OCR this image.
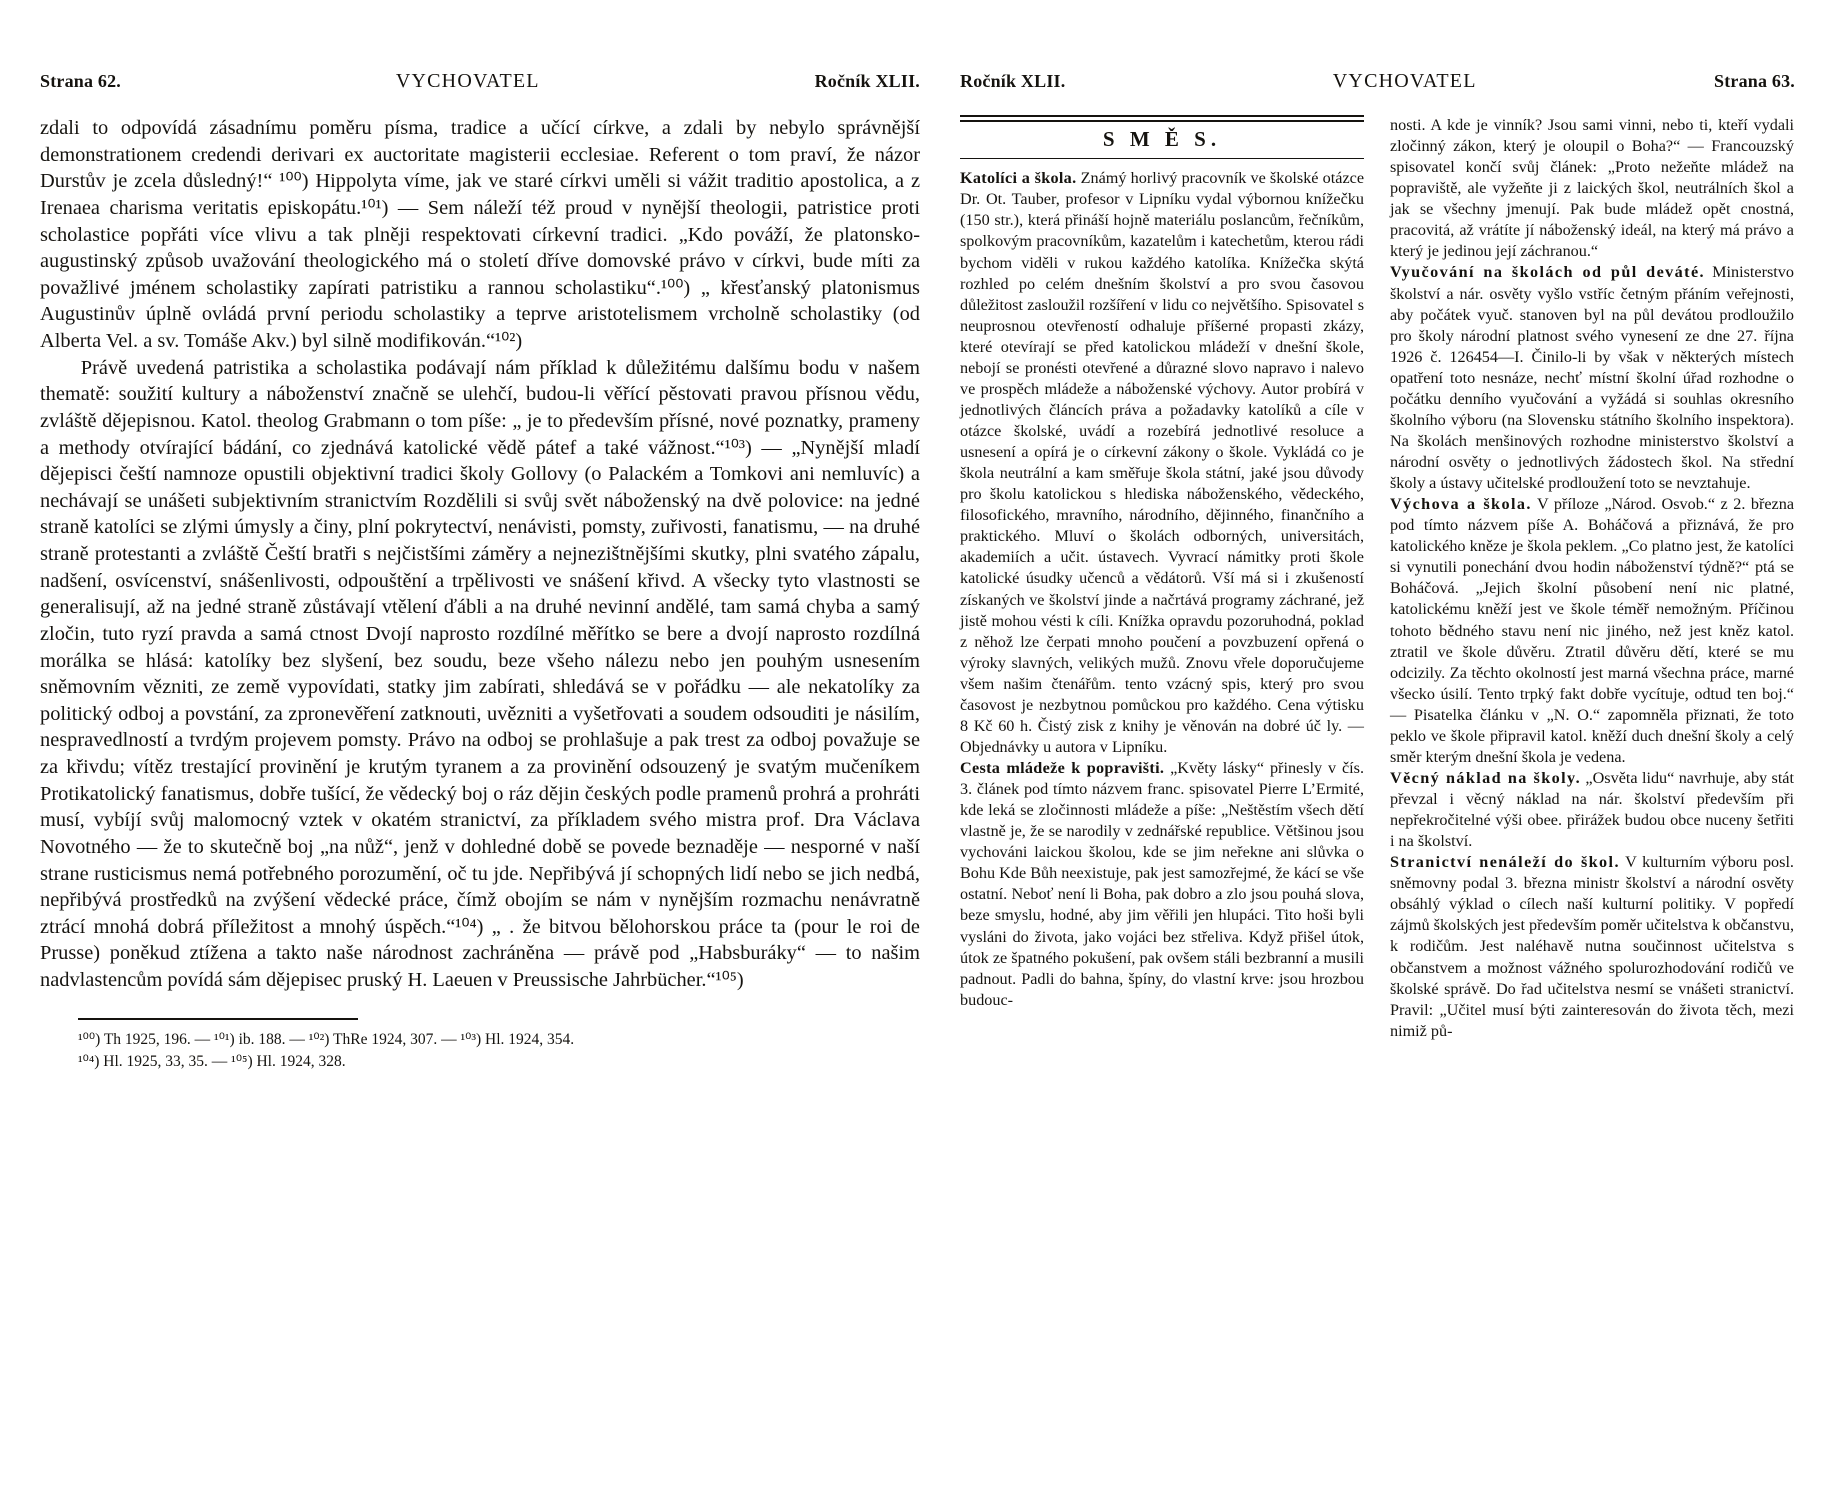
Strana 62.	VYCHOVATEL	Ročník XLII.

zdali to odpovídá zásadnímu poměru písma, tradice a učící církve, a zdali by nebylo správnější demonstrationem credendi derivari ex auctoritate magisterii ecclesiae. Referent o tom praví, že názor Durstův je zcela důsledný!“ ¹⁰⁰) Hippolyta víme, jak ve staré církvi uměli si vážit traditio apostolica, a z Irenaea charisma veritatis episkopátu.¹⁰¹) — Sem náleží též proud v nynější theologii, patristice proti scholastice popřáti více vlivu a tak plněji respektovati církevní tradici. „Kdo pováží, že platonsko-augustinský způsob uvažování theologického má o století dříve domovské právo v církvi, bude míti za považlivé jménem scholastiky zapírati patristiku a rannou scholastiku“.¹⁰⁰) „ křesťanský platonismus Augustinův úplně ovládá první periodu scholastiky a teprve aristotelismem vrcholně scholastiky (od Alberta Vel. a sv. Tomáše Akv.) byl silně modifikován.“¹⁰²)

Právě uvedená patristika a scholastika podávají nám příklad k důležitému dalšímu bodu v našem thematě: soužití kultury a náboženství značně se ulehčí, budou-li věřící pěstovati pravou přísnou vědu, zvláště dějepisnou. Katol. theolog Grabmann o tom píše: „ je to především přísné, nové poznatky, prameny a methody otvírající bádání, co zjednává katolické vědě pátef a také vážnost.“¹⁰³) — „Nynější mladí dějepisci čeští namnoze opustili objektivní tradici školy Gollovy (o Palackém a Tomkovi ani nemluvíc) a nechávají se unášeti subjektivním stranictvím Rozdělili si svůj svět náboženský na dvě polovice: na jedné straně katolíci se zlými úmysly a činy, plní pokrytectví, nenávisti, pomsty, zuřivosti, fanatismu, — na druhé straně protestanti a zvláště Čeští bratři s nejčistšími záměry a nejnezištnějšími skutky, plni svatého zápalu, nadšení, osvícenství, snášenlivosti, odpouštění a trpělivosti ve snášení křivd. A všecky tyto vlastnosti se generalisují, až na jedné straně zůstávají vtělení ďábli a na druhé nevinní andělé, tam samá chyba a samý zločin, tuto ryzí pravda a samá ctnost Dvojí naprosto rozdílné měřítko se bere a dvojí naprosto rozdílná morálka se hlásá: katolíky bez slyšení, bez soudu, beze všeho nálezu nebo jen pouhým usnesením sněmovním vězniti, ze země vypovídati, statky jim zabírati, shledává se v pořádku — ale nekatolíky za politický odboj a povstání, za zpronevěření zatknouti, uvězniti a vyšetřovati a soudem odsouditi je násilím, nespravedlností a tvrdým projevem pomsty. Právo na odboj se prohlašuje a pak trest za odboj považuje se za křivdu; vítěz trestající provinění je krutým tyranem a za provinění odsouzený je svatým mučeníkem Protikatolický fanatismus, dobře tušící, že vědecký boj o ráz dějin českých podle pramenů prohrá a prohráti musí, vybíjí svůj malomocný vztek v okatém stranictví, za příkladem svého mistra prof. Dra Václava Novotného — že to skutečně boj „na nůž“, jenž v dohledné době se povede beznaděje — nesporné v naší strane rusticismus nemá potřebného porozumění, oč tu jde. Nepřibývá jí schopných lidí nebo se jich nedbá, nepřibývá prostředků na zvýšení vědecké práce, čímž obojím se nám v nynějším rozmachu nenávratně ztrácí mnohá dobrá příležitost a mnohý úspěch.“¹⁰⁴) „ . že bitvou bělohorskou práce ta (pour le roi de Prusse) poněkud ztížena a takto naše národnost zachráněna — právě pod „Habsburáky“ — to našim nadvlastencům povídá sám dějepisec pruský H. Laeuen v Preussische Jahrbücher.“¹⁰⁵)

¹⁰⁰) Th 1925, 196. — ¹⁰¹) ib. 188. — ¹⁰²) ThRe 1924, 307. — ¹⁰³) Hl. 1924, 354.
¹⁰⁴) Hl. 1925, 33, 35. — ¹⁰⁵) Hl. 1924, 328.
Ročník XLII.	VYCHOVATEL	Strana 63.
S M Ě S.

Katolíci a škola. Známý horlivý pracovník ve školské otázce Dr. Ot. Tauber, profesor v Lipníku vydal výbornou knížečku (150 str.), která přináší hojně materiálu poslancům, řečníkům, spolkovým pracovníkům, kazatelům i katechetům, kterou rádi bychom viděli v rukou každého katolíka. Knížečka skýtá rozhled po celém dnešním školství a pro svou časovou důležitost zasloužil rozšíření v lidu co největšího. Spisovatel s neuprosnou otevřeností odhaluje příšerné propasti zkázy, které otevírají se před katolickou mládeží v dnešní škole, nebojí se pronésti otevřené a důrazné slovo napravo i nalevo ve prospěch mládeže a náboženské výchovy. Autor probírá v jednotlivých článcích práva a požadavky katolíků a cíle v otázce školské, uvádí a rozebírá jednotlivé resoluce a usnesení a opírá je o církevní zákony o škole. Vykládá co je škola neutrální a kam směřuje škola státní, jaké jsou důvody pro školu katolickou s hlediska náboženského, vědeckého, filosofického, mravního, národního, dějinného, finančního a praktického. Mluví o školách odborných, universitách, akademiích a učit. ústavech. Vyvrací námitky proti škole katolické úsudky učenců a vědátorů. Vší má si i zkušeností získaných ve školství jinde a načrtává programy záchrané, jež jistě mohou vésti k cíli. Knížka opravdu pozoruhodná, poklad z něhož lze čerpati mnoho poučení a povzbuzení opřená o výroky slavných, velikých mužů. Znovu vřele doporučujeme všem našim čtenářům. tento vzácný spis, který pro svou časovost je nezbytnou pomůckou pro každého. Cena výtisku 8 Kč 60 h. Čistý zisk z knihy je věnován na dobré úč ly. — Objednávky u autora v Lipníku.

Cesta mládeže k popravišti. „Květy lásky“ přinesly v čís. 3. článek pod tímto názvem franc. spisovatel Pierre L’Ermité, kde leká se zločinnosti mládeže a píše: „Neštěstím všech dětí vlastně je, že se narodily v zednářské republice. Většinou jsou vychováni laickou školou, kde se jim neřekne ani slůvka o Bohu Kde Bůh neexistuje, pak jest samozřejmé, že kácí se vše ostatní. Neboť není li Boha, pak dobro a zlo jsou pouhá slova, beze smyslu, hodné, aby jim věřili jen hlupáci. Tito hoši byli vysláni do života, jako vojáci bez střeliva. Když přišel útok, útok ze špatného pokušení, pak ovšem stáli bezbranní a musili padnout. Padli do bahna, špíny, do vlastní krve: jsou hrozbou budouc-

nosti. A kde je vinník? Jsou sami vinni, nebo ti, kteří vydali zločinný zákon, který je oloupil o Boha?“ — Francouzský spisovatel končí svůj článek: „Proto nežeňte mládež na popraviště, ale vyžeňte ji z laických škol, neutrálních škol a jak se všechny jmenují. Pak bude mládež opět cnostná, pracovitá, až vrátíte jí náboženský ideál, na který má právo a který je jedinou její záchranou.“

Vyučování na školách od půl deváté. Ministerstvo školství a nár. osvěty vyšlo vstříc četným přáním veřejnosti, aby počátek vyuč. stanoven byl na půl devátou prodloužilo pro školy národní platnost svého vynesení ze dne 27. října 1926 č. 126454—I. Činilo-li by však v některých místech opatření toto nesnáze, nechť místní školní úřad rozhodne o počátku denního vyučování a vyžádá si souhlas okresního školního výboru (na Slovensku státního školního inspektora). Na školách menšinových rozhodne ministerstvo školství a národní osvěty o jednotlivých žádostech škol. Na střední školy a ústavy učitelské prodloužení toto se nevztahuje.

Výchova a škola. V příloze „Národ. Osvob.“ z 2. března pod tímto názvem píše A. Boháčová a přiznává, že pro katolického kněze je škola peklem. „Co platno jest, že katolíci si vynutili ponechání dvou hodin náboženství týdně?“ ptá se Boháčová. „Jejich školní působení není nic platné, katolickému kněží jest ve škole téměř nemožným. Příčinou tohoto bědného stavu není nic jiného, než jest kněz katol. ztratil ve škole důvěru. Ztratil důvěru dětí, které se mu odcizily. Za těchto okolností jest marná všechna práce, marné všecko úsilí. Tento trpký fakt dobře vycítuje, odtud ten boj.“ — Pisatelka článku v „N. O.“ zapomněla přiznati, že toto peklo ve škole připravil katol. kněží duch dnešní školy a celý směr kterým dnešní škola je vedena.

Věcný náklad na školy. „Osvěta lidu“ navrhuje, aby stát převzal i věcný náklad na nár. školství především při nepřekročitelné výši obee. přirážek budou obce nuceny šetřiti i na školství.

Stranictví nenáleží do škol. V kulturním výboru posl. sněmovny podal 3. března ministr školství a národní osvěty obsáhlý výklad o cílech naší kulturní politiky. V popředí zájmů školských jest především poměr učitelstva k občanstvu, k rodičům. Jest naléhavě nutna součinnost učitelstva s občanstvem a možnost vážného spolurozhodování rodičů ve školské správě. Do řad učitelstva nesmí se vnášeti stranictví. Pravil: „Učitel musí býti zainteresován do života těch, mezi nimiž pů-
